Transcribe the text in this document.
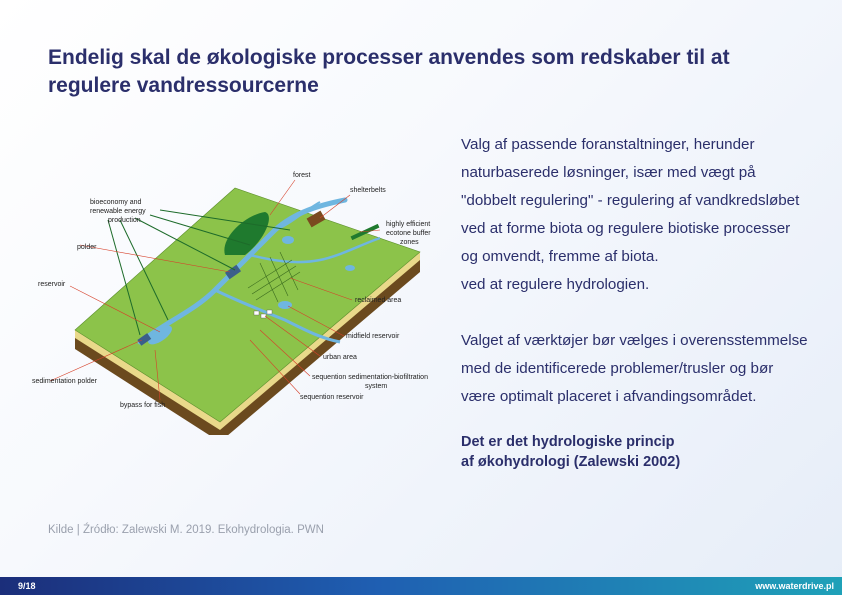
Endelig skal de økologiske processer anvendes som redskaber til at regulere vandressourcerne
forest
shelterbelts
bioeconomy and
renewable energy
production
highly efficient
ecotone buffer
zones
polder
reservoir
reclaimed area
midfield reservoir
urban area
sequention sedimentation-biofiltration
system
sequention reservoir
sedimentation polder
bypass for fish

Valg af passende foranstaltninger, herunder

naturbaserede løsninger, især med vægt på

"dobbelt regulering" - regulering af vandkredsløbet

ved at forme biota og regulere biotiske processer

og omvendt, fremme af biota.

ved at regulere hydrologien.

Valget af værktøjer bør vælges i overensstemmelse

med de identificerede problemer/trusler og bør

være optimalt placeret i afvandingsområdet.

Det er det hydrologiske princip
af økohydrologi (Zalewski 2002)
Kilde | Źródło: Zalewski M. 2019. Ekohydrologia. PWN
9/18	www.waterdrive.pl
